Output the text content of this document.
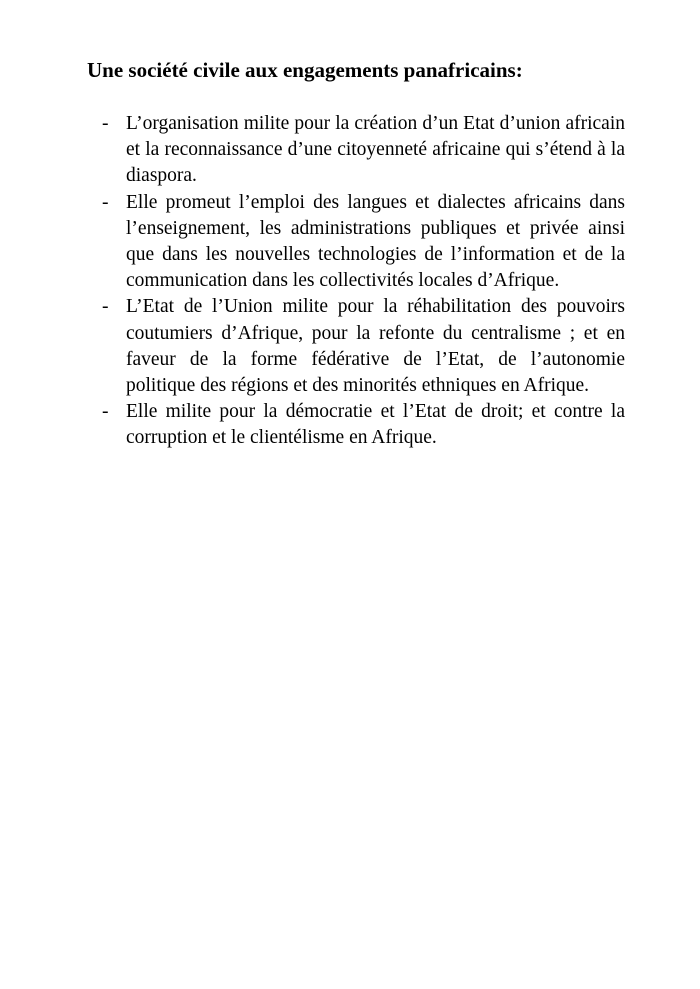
Une société civile aux engagements panafricains:
- L’organisation milite pour la création d’un Etat d’union africain et la reconnaissance d’une citoyenneté africaine qui s’étend à la diaspora.
- Elle promeut l’emploi des langues et dialectes africains dans l’enseignement, les administrations publiques et privée ainsi que dans les nouvelles technologies de l’information et de la communication dans les collectivités locales d’Afrique.
- L’Etat de l’Union milite pour la réhabilitation des pouvoirs coutumiers d’Afrique, pour la refonte du centralisme ; et en faveur de la forme fédérative de l’Etat, de l’autonomie politique des régions et des minorités ethniques en Afrique.
- Elle milite pour la démocratie et l’Etat de droit; et contre la corruption et le clientélisme en Afrique.
